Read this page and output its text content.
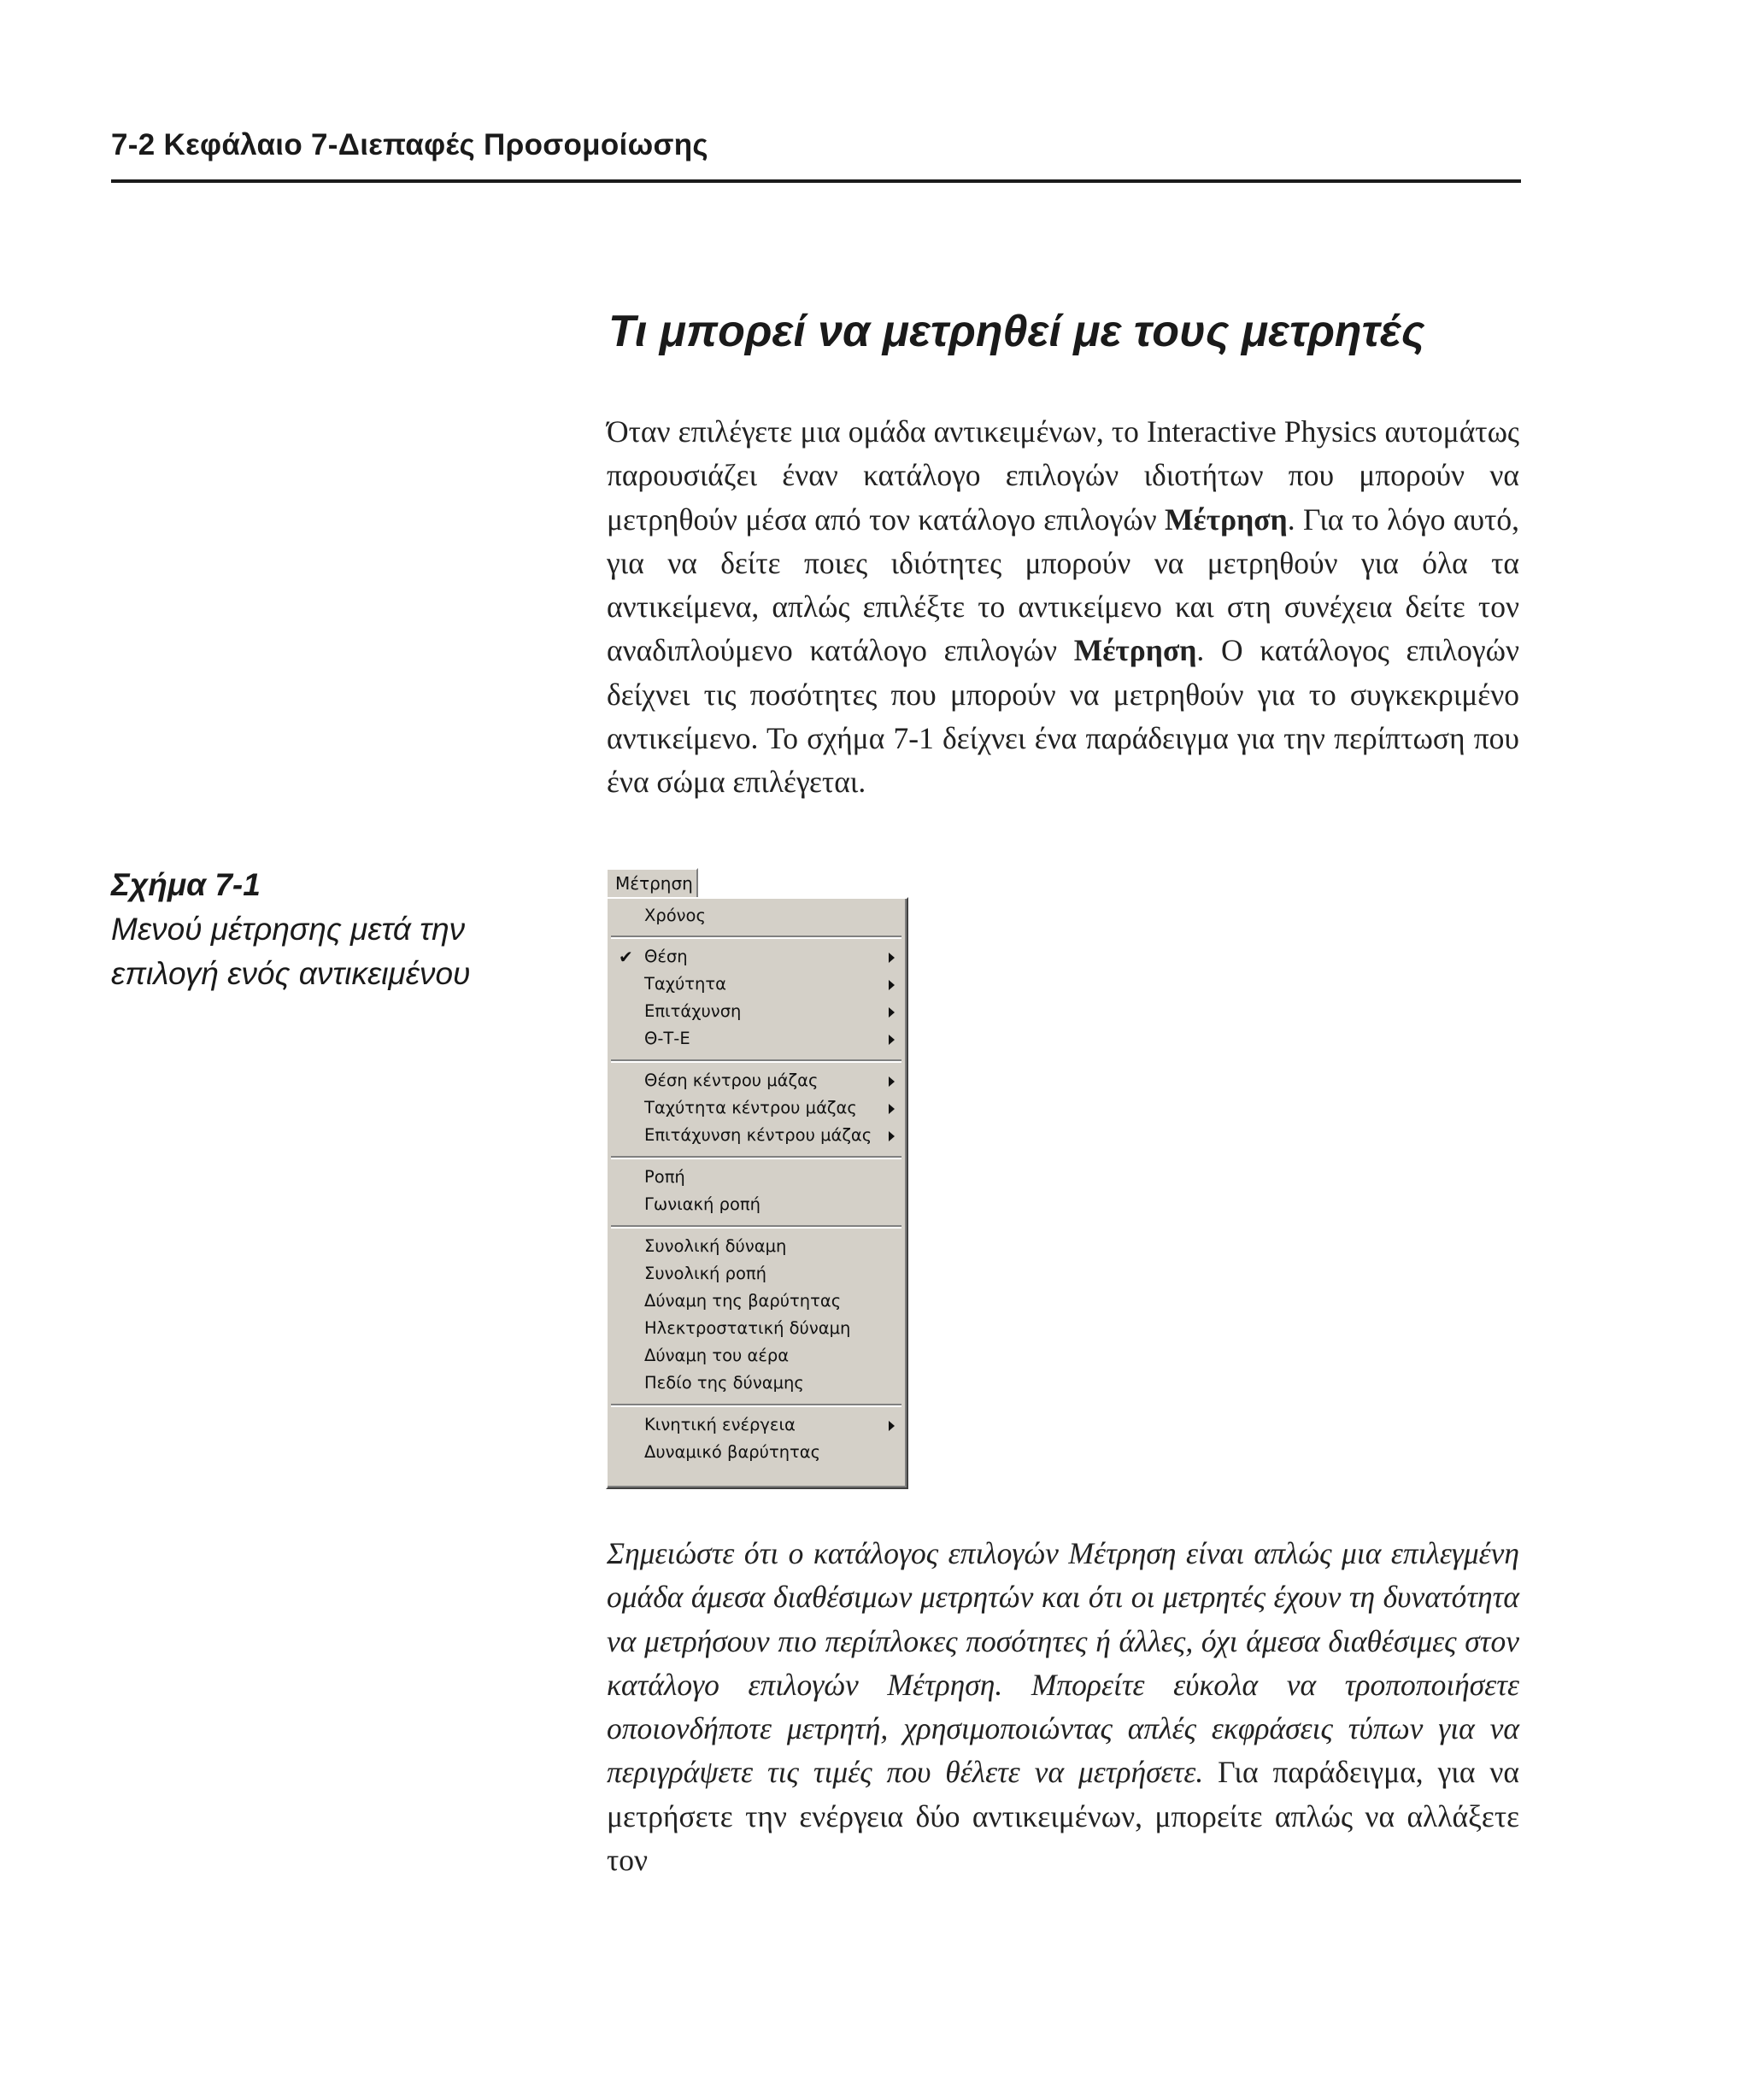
7-2 Κεφάλαιο 7-Διεπαφές Προσομοίωσης
Τι μπορεί να μετρηθεί με τους μετρητές
Όταν επιλέγετε μια ομάδα αντικειμένων, το Interactive Physics αυτομάτως παρουσιάζει έναν κατάλογο επιλογών ιδιοτήτων που μπορούν να μετρηθούν μέσα από τον κατάλογο επιλογών Μέτρηση. Για το λόγο αυτό, για να δείτε ποιες ιδιότητες μπορούν να μετρηθούν για όλα τα αντικείμενα, απλώς επιλέξτε το αντικείμενο και στη συνέχεια δείτε τον αναδιπλούμενο κατάλογο επιλογών Μέτρηση. Ο κατάλογος επιλογών δείχνει τις ποσότητες που μπορούν να μετρηθούν για το συγκεκριμένο αντικείμενο. Το σχήμα 7-1 δείχνει ένα παράδειγμα για την περίπτωση που ένα σώμα επιλέγεται.
Σχήμα 7-1
Μενού μέτρησης μετά την
επιλογή ενός αντικειμένου
Μέτρηση
Χρόνος
✔ Θέση
Ταχύτητα
Επιτάχυνση
Θ-Τ-Ε
Θέση κέντρου μάζας
Ταχύτητα κέντρου μάζας
Επιτάχυνση κέντρου μάζας
Ροπή
Γωνιακή ροπή
Συνολική δύναμη
Συνολική ροπή
Δύναμη της βαρύτητας
Ηλεκτροστατική δύναμη
Δύναμη του αέρα
Πεδίο της δύναμης
Κινητική ενέργεια
Δυναμικό βαρύτητας
Σημειώστε ότι ο κατάλογος επιλογών Μέτρηση είναι απλώς μια επιλεγμένη ομάδα άμεσα διαθέσιμων μετρητών και ότι οι μετρητές έχουν τη δυνατότητα να μετρήσουν πιο περίπλοκες ποσότητες ή άλλες, όχι άμεσα διαθέσιμες στον κατάλογο επιλογών Μέτρηση. Μπορείτε εύκολα να τροποποιήσετε οποιονδήποτε μετρητή, χρησιμοποιώντας απλές εκφράσεις τύπων για να περιγράψετε τις τιμές που θέλετε να μετρήσετε. Για παράδειγμα, για να μετρήσετε την ενέργεια δύο αντικειμένων, μπορείτε απλώς να αλλάξετε τον
